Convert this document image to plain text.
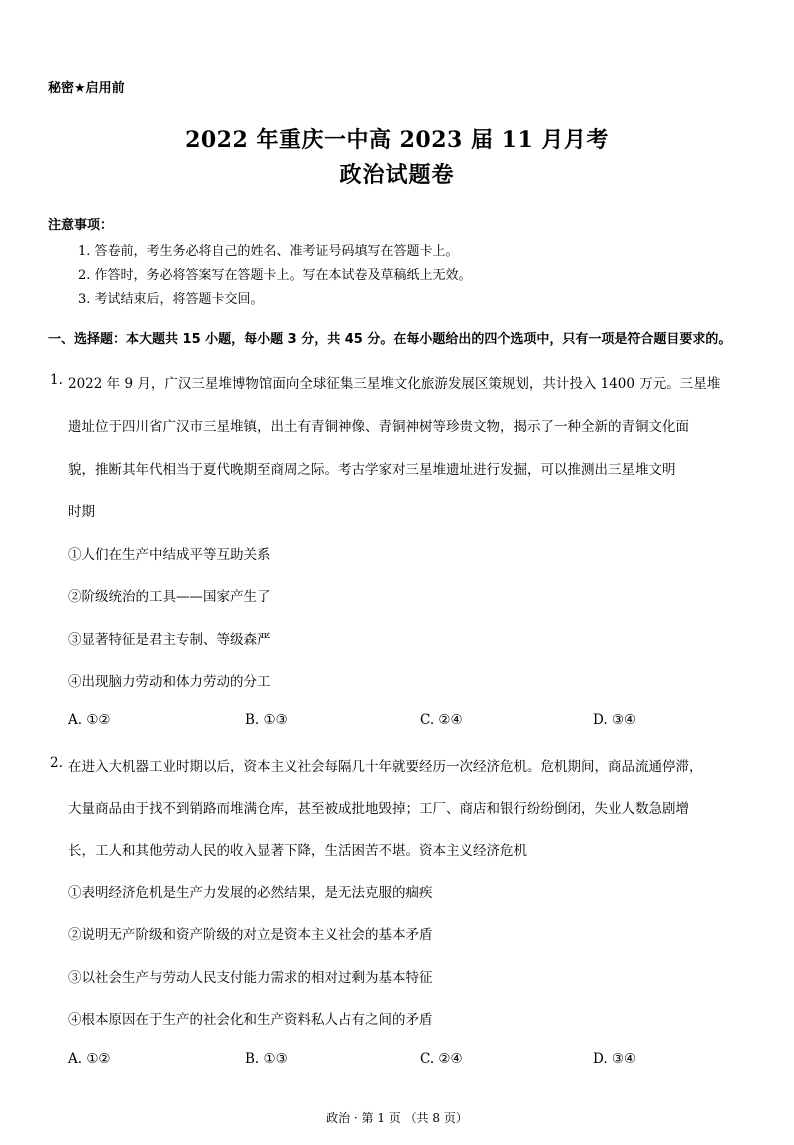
秘密★启用前
2022 年重庆一中高 2023 届 11 月月考
政治试题卷
注意事项：
1. 答卷前，考生务必将自己的姓名、准考证号码填写在答题卡上。
2. 作答时，务必将答案写在答题卡上。写在本试卷及草稿纸上无效。
3. 考试结束后，将答题卡交回。
一、选择题：本大题共 15 小题，每小题 3 分，共 45 分。在每小题给出的四个选项中，只有一项是符合题目要求的。
1. 2022 年 9 月，广汉三星堆博物馆面向全球征集三星堆文化旅游发展区策规划，共计投入 1400 万元。三星堆
遗址位于四川省广汉市三星堆镇，出土有青铜神像、青铜神树等珍贵文物，揭示了一种全新的青铜文化面
貌，推断其年代相当于夏代晚期至商周之际。考古学家对三星堆遗址进行发掘，可以推测出三星堆文明
时期
①人们在生产中结成平等互助关系
②阶级统治的工具——国家产生了
③显著特征是君主专制、等级森严
④出现脑力劳动和体力劳动的分工
A. ①②	B. ①③	C. ②④	D. ③④
2. 在进入大机器工业时期以后，资本主义社会每隔几十年就要经历一次经济危机。危机期间，商品流通停滞，
大量商品由于找不到销路而堆满仓库，甚至被成批地毁掉；工厂、商店和银行纷纷倒闭，失业人数急剧增
长，工人和其他劳动人民的收入显著下降，生活困苦不堪。资本主义经济危机
①表明经济危机是生产力发展的必然结果，是无法克服的痼疾
②说明无产阶级和资产阶级的对立是资本主义社会的基本矛盾
③以社会生产与劳动人民支付能力需求的相对过剩为基本特征
④根本原因在于生产的社会化和生产资料私人占有之间的矛盾
A. ①②	B. ①③	C. ②④	D. ③④
政治 · 第 1 页 （共 8 页）
